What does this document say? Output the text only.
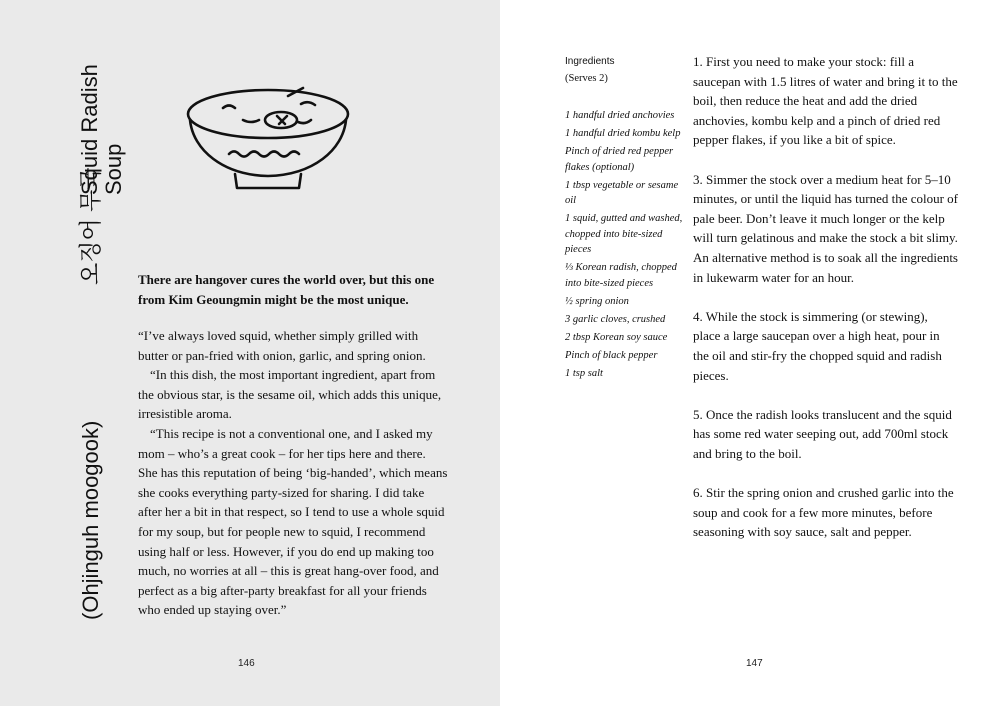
(Ohjinguh moogook)
오징어 무국
Squid Radish
Soup
There are hangover cures the world over, but this one from Kim Geoungmin might be the most unique.

“I’ve always loved squid, whether simply grilled with butter or pan-fried with onion, garlic, and spring onion.

“In this dish, the most important ingredient, apart from the obvious star, is the sesame oil, which adds this unique, irresistible aroma.

“This recipe is not a conventional one, and I asked my mom – who’s a great cook – for her tips here and there. She has this reputation of being ‘big-handed’, which means she cooks everything party-sized for sharing. I did take after her a bit in that respect, so I tend to use a whole squid for my soup, but for people new to squid, I recommend using half or less. However, if you do end up making too much, no worries at all – this is great hang-over food, and perfect as a big after-party breakfast for all your friends who ended up staying over.”

146
Ingredients
(Serves 2)
1 handful dried anchovies
1 handful dried kombu kelp
Pinch of dried red pepper flakes (optional)
1 tbsp vegetable or sesame oil
1 squid, gutted and washed, chopped into bite-sized pieces
⅓ Korean radish, chopped into bite-sized pieces
½ spring onion
3 garlic cloves, crushed
2 tbsp Korean soy sauce
Pinch of black pepper
1 tsp salt

1. First you need to make your stock: fill a saucepan with 1.5 litres of water and bring it to the boil, then reduce the heat and add the dried anchovies, kombu kelp and a pinch of dried red pepper flakes, if you like a bit of spice.

3. Simmer the stock over a medium heat for 5–10 minutes, or until the liquid has turned the colour of pale beer. Don’t leave it much longer or the kelp will turn gelatinous and make the stock a bit slimy. An alternative method is to soak all the ingredients in lukewarm water for an hour.

4. While the stock is simmering (or stewing), place a large saucepan over a high heat, pour in the oil and stir-fry the chopped squid and radish pieces.

5. Once the radish looks translucent and the squid has some red water seeping out, add 700ml stock and bring to the boil.

6. Stir the spring onion and crushed garlic into the soup and cook for a few more minutes, before seasoning with soy sauce, salt and pepper.

147
